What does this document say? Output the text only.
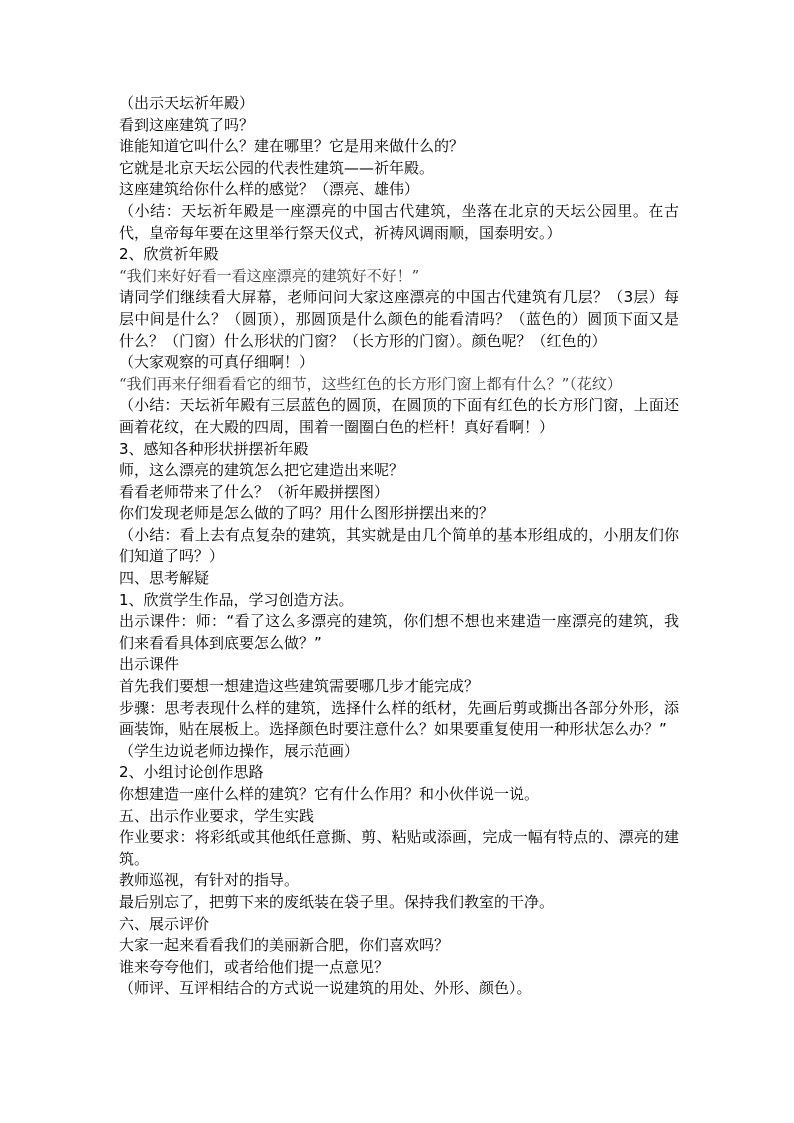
（出示天坛祈年殿）

看到这座建筑了吗？

谁能知道它叫什么？建在哪里？它是用来做什么的？

它就是北京天坛公园的代表性建筑——祈年殿。

这座建筑给你什么样的感觉？（漂亮、雄伟）

（小结：天坛祈年殿是一座漂亮的中国古代建筑，坐落在北京的天坛公园里。在古代，皇帝每年要在这里举行祭天仪式，祈祷风调雨顺，国泰明安。）

2、欣赏祈年殿

“我们来好好看一看这座漂亮的建筑好不好！”

请同学们继续看大屏幕，老师问问大家这座漂亮的中国古代建筑有几层？（3层）每层中间是什么？（圆顶），那圆顶是什么颜色的能看清吗？（蓝色的）圆顶下面又是什么？（门窗）什么形状的门窗？（长方形的门窗）。颜色呢？（红色的）

（大家观察的可真仔细啊！）

“我们再来仔细看看它的细节，这些红色的长方形门窗上都有什么？”（花纹）

（小结：天坛祈年殿有三层蓝色的圆顶，在圆顶的下面有红色的长方形门窗，上面还画着花纹，在大殿的四周，围着一圈圈白色的栏杆！真好看啊！）

3、感知各种形状拼摆祈年殿

师，这么漂亮的建筑怎么把它建造出来呢？

看看老师带来了什么？（祈年殿拼摆图）

你们发现老师是怎么做的了吗？用什么图形拼摆出来的？

（小结：看上去有点复杂的建筑，其实就是由几个简单的基本形组成的，小朋友们你们知道了吗？）

四、思考解疑

1、欣赏学生作品，学习创造方法。

出示课件：师：“看了这么多漂亮的建筑，你们想不想也来建造一座漂亮的建筑，我们来看看具体到底要怎么做？”

出示课件

首先我们要想一想建造这些建筑需要哪几步才能完成？

步骤：思考表现什么样的建筑，选择什么样的纸材，先画后剪或撕出各部分外形，添画装饰，贴在展板上。选择颜色时要注意什么？如果要重复使用一种形状怎么办？”

（学生边说老师边操作，展示范画）

2、小组讨论创作思路

你想建造一座什么样的建筑？它有什么作用？和小伙伴说一说。

五、出示作业要求，学生实践

作业要求：将彩纸或其他纸任意撕、剪、粘贴或添画，完成一幅有特点的、漂亮的建筑。

教师巡视，有针对的指导。

最后别忘了，把剪下来的废纸装在袋子里。保持我们教室的干净。

六、展示评价

大家一起来看看我们的美丽新合肥，你们喜欢吗？

谁来夸夸他们，或者给他们提一点意见？

（师评、互评相结合的方式说一说建筑的用处、外形、颜色）。
